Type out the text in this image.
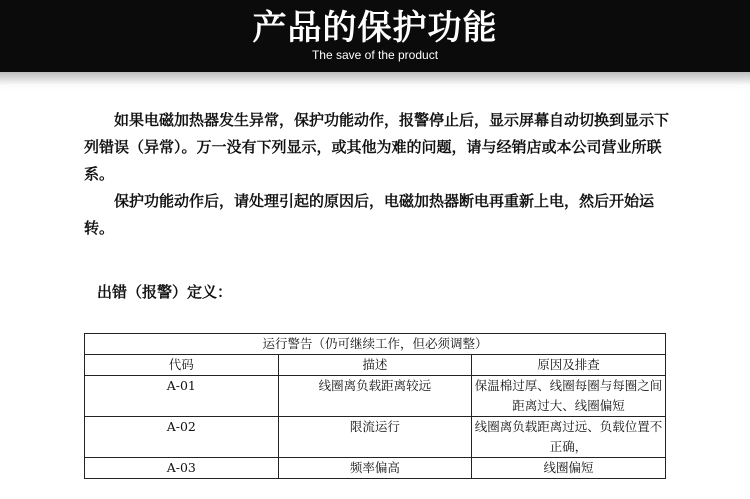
产品的保护功能
The save of the product

如果电磁加热器发生异常，保护功能动作，报警停止后，显示屏幕自动切换到显示下列错误（异常）。万一没有下列显示，或其他为难的问题，请与经销店或本公司营业所联系。

保护功能动作后，请处理引起的原因后，电磁加热器断电再重新上电，然后开始运转。

出错（报警）定义：
运行警告（仍可继续工作，但必须调整）		
代码	描述	原因及排查
A-01	线圈离负载距离较远	保温棉过厚、线圈每圈与每圈之间距离过大、线圈偏短
A-02	限流运行	线圈离负载距离过远、负载位置不正确，
A-03	频率偏高	线圈偏短
